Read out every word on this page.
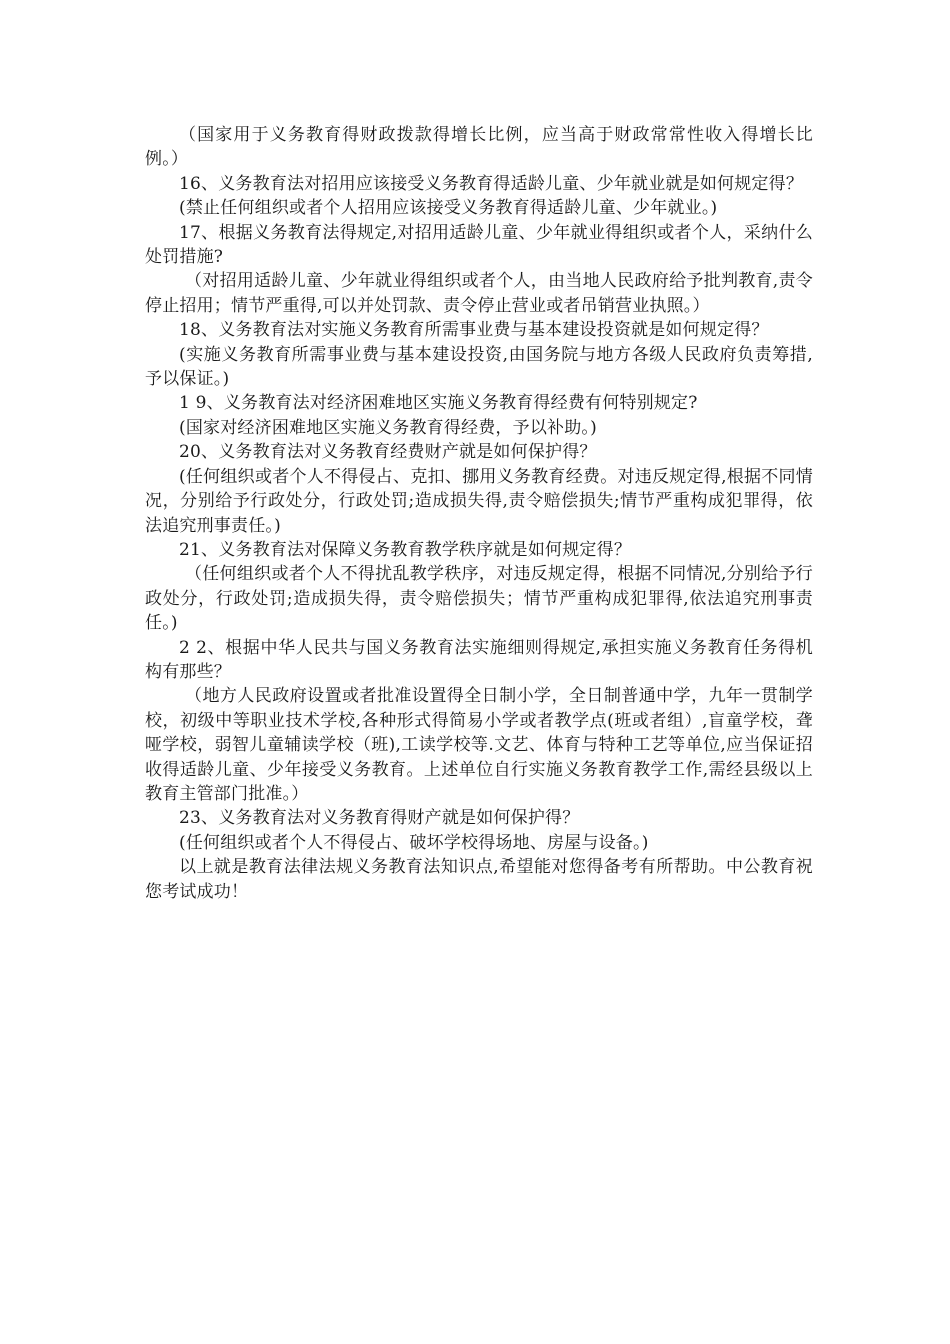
（国家用于义务教育得财政拨款得增长比例，应当高于财政常常性收入得增长比例。）

16、义务教育法对招用应该接受义务教育得适龄儿童、少年就业就是如何规定得？

(禁止任何组织或者个人招用应该接受义务教育得适龄儿童、少年就业。)

17、根据义务教育法得规定,对招用适龄儿童、少年就业得组织或者个人，采纳什么处罚措施?

（对招用适龄儿童、少年就业得组织或者个人，由当地人民政府给予批判教育,责令停止招用；情节严重得,可以并处罚款、责令停止营业或者吊销营业执照。）

18、义务教育法对实施义务教育所需事业费与基本建设投资就是如何规定得？

(实施义务教育所需事业费与基本建设投资,由国务院与地方各级人民政府负责筹措,予以保证。)

1 9、义务教育法对经济困难地区实施义务教育得经费有何特别规定?

(国家对经济困难地区实施义务教育得经费，予以补助。)

20、义务教育法对义务教育经费财产就是如何保护得？

(任何组织或者个人不得侵占、克扣、挪用义务教育经费。对违反规定得,根据不同情况，分别给予行政处分，行政处罚;造成损失得,责令赔偿损失;情节严重构成犯罪得，依法追究刑事责任。)

21、义务教育法对保障义务教育教学秩序就是如何规定得？

（任何组织或者个人不得扰乱教学秩序，对违反规定得，根据不同情况,分别给予行政处分，行政处罚;造成损失得，责令赔偿损失；情节严重构成犯罪得,依法追究刑事责任。)

2 2、根据中华人民共与国义务教育法实施细则得规定,承担实施义务教育任务得机构有那些？

（地方人民政府设置或者批准设置得全日制小学，全日制普通中学，九年一贯制学校，初级中等职业技术学校,各种形式得简易小学或者教学点(班或者组）,盲童学校，聋哑学校，弱智儿童辅读学校（班),工读学校等.文艺、体育与特种工艺等单位,应当保证招收得适龄儿童、少年接受义务教育。上述单位自行实施义务教育教学工作,需经县级以上教育主管部门批准。）

23、义务教育法对义务教育得财产就是如何保护得？

(任何组织或者个人不得侵占、破坏学校得场地、房屋与设备。)

以上就是教育法律法规义务教育法知识点,希望能对您得备考有所帮助。中公教育祝您考试成功！
